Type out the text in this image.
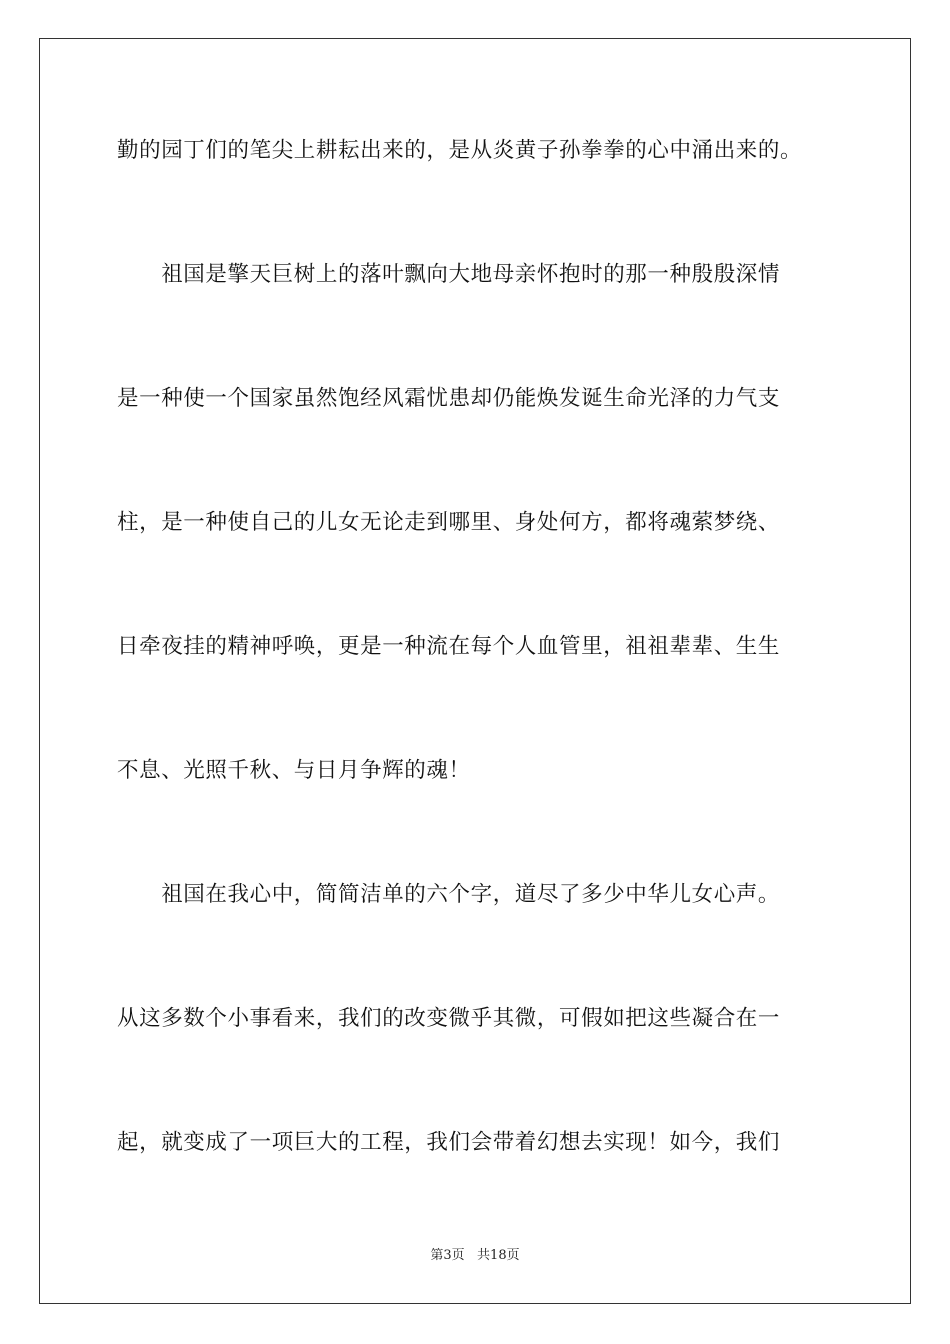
勤的园丁们的笔尖上耕耘出来的，是从炎黄子孙拳拳的心中涌出来的。
　　祖国是擎天巨树上的落叶飘向大地母亲怀抱时的那一种殷殷深情
是一种使一个国家虽然饱经风霜忧患却仍能焕发诞生命光泽的力气支
柱，是一种使自己的儿女无论走到哪里、身处何方，都将魂萦梦绕、
日牵夜挂的精神呼唤，更是一种流在每个人血管里，祖祖辈辈、生生
不息、光照千秋、与日月争辉的魂！
　　祖国在我心中，简简洁单的六个字，道尽了多少中华儿女心声。
从这多数个小事看来，我们的改变微乎其微，可假如把这些凝合在一
起，就变成了一项巨大的工程，我们会带着幻想去实现！如今，我们
第3页   共18页
